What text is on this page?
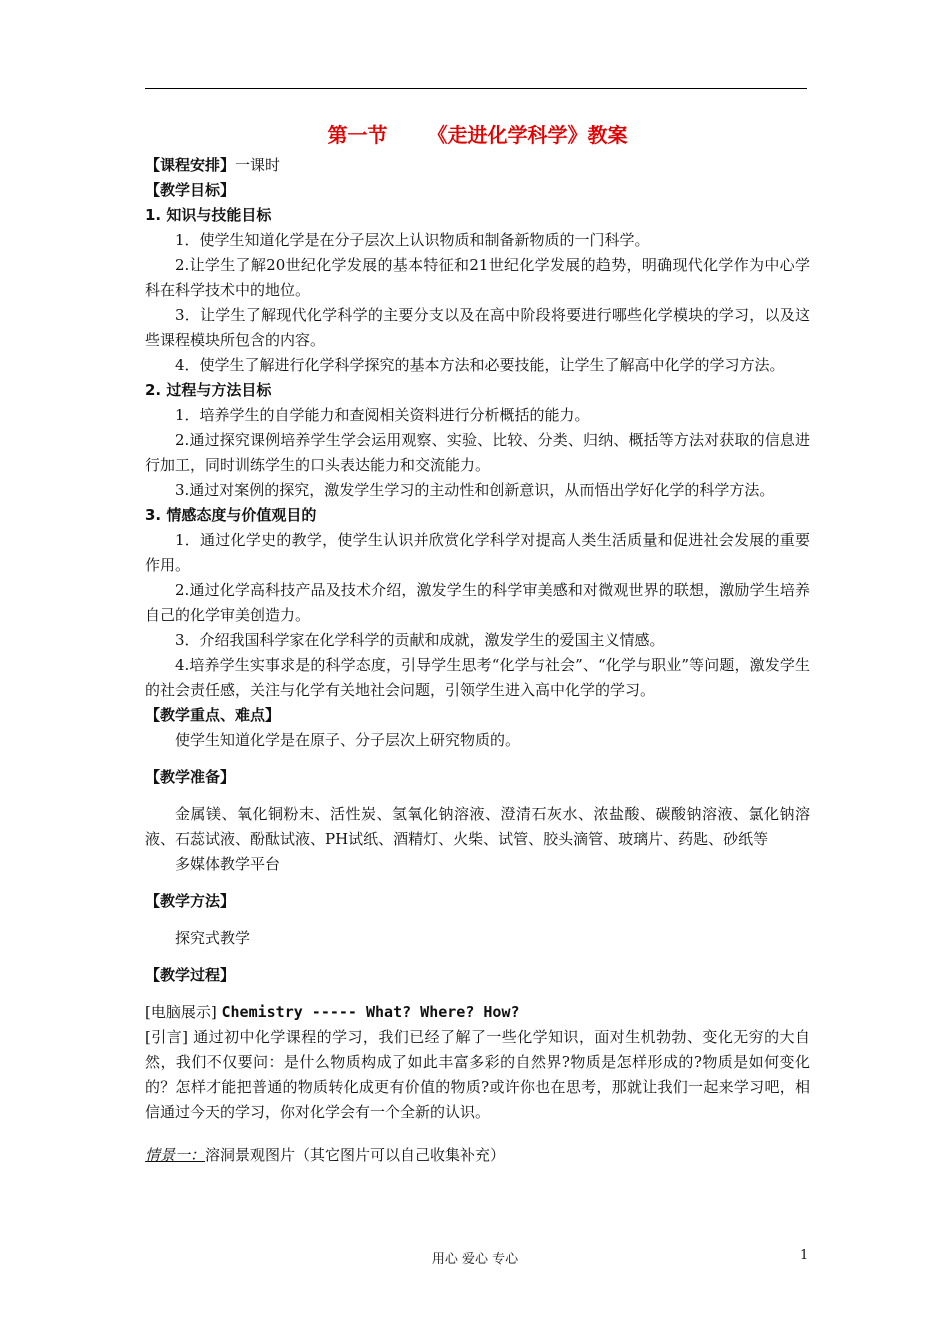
第一节 《走进化学科学》教案
【课程安排】一课时
【教学目标】
1. 知识与技能目标
1．使学生知道化学是在分子层次上认识物质和制备新物质的一门科学。
2.让学生了解20世纪化学发展的基本特征和21世纪化学发展的趋势，明确现代化学作为中心学科在科学技术中的地位。
3．让学生了解现代化学科学的主要分支以及在高中阶段将要进行哪些化学模块的学习，以及这些课程模块所包含的内容。
4．使学生了解进行化学科学探究的基本方法和必要技能，让学生了解高中化学的学习方法。
2. 过程与方法目标
1．培养学生的自学能力和查阅相关资料进行分析概括的能力。
2.通过探究课例培养学生学会运用观察、实验、比较、分类、归纳、概括等方法对获取的信息进行加工，同时训练学生的口头表达能力和交流能力。
3.通过对案例的探究，激发学生学习的主动性和创新意识，从而悟出学好化学的科学方法。
3. 情感态度与价值观目的
1．通过化学史的教学，使学生认识并欣赏化学科学对提高人类生活质量和促进社会发展的重要作用。
2.通过化学高科技产品及技术介绍，激发学生的科学审美感和对微观世界的联想，激励学生培养自己的化学审美创造力。
3．介绍我国科学家在化学科学的贡献和成就，激发学生的爱国主义情感。
4.培养学生实事求是的科学态度，引导学生思考“化学与社会”、“化学与职业”等问题，激发学生的社会责任感，关注与化学有关地社会问题，引领学生进入高中化学的学习。
【教学重点、难点】
使学生知道化学是在原子、分子层次上研究物质的。
【教学准备】
金属镁、氧化铜粉末、活性炭、氢氧化钠溶液、澄清石灰水、浓盐酸、碳酸钠溶液、氯化钠溶液、石蕊试液、酚酞试液、PH试纸、酒精灯、火柴、试管、胶头滴管、玻璃片、药匙、砂纸等
多媒体教学平台
【教学方法】
探究式教学
【教学过程】
[电脑展示] Chemistry ----- What? Where? How?
[引言] 通过初中化学课程的学习，我们已经了解了一些化学知识，面对生机勃勃、变化无穷的大自然，我们不仅要问：是什么物质构成了如此丰富多彩的自然界?物质是怎样形成的?物质是如何变化的？怎样才能把普通的物质转化成更有价值的物质?或许你也在思考，那就让我们一起来学习吧，相信通过今天的学习，你对化学会有一个全新的认识。
情景一：溶洞景观图片（其它图片可以自己收集补充）
用心 爱心 专心	1
